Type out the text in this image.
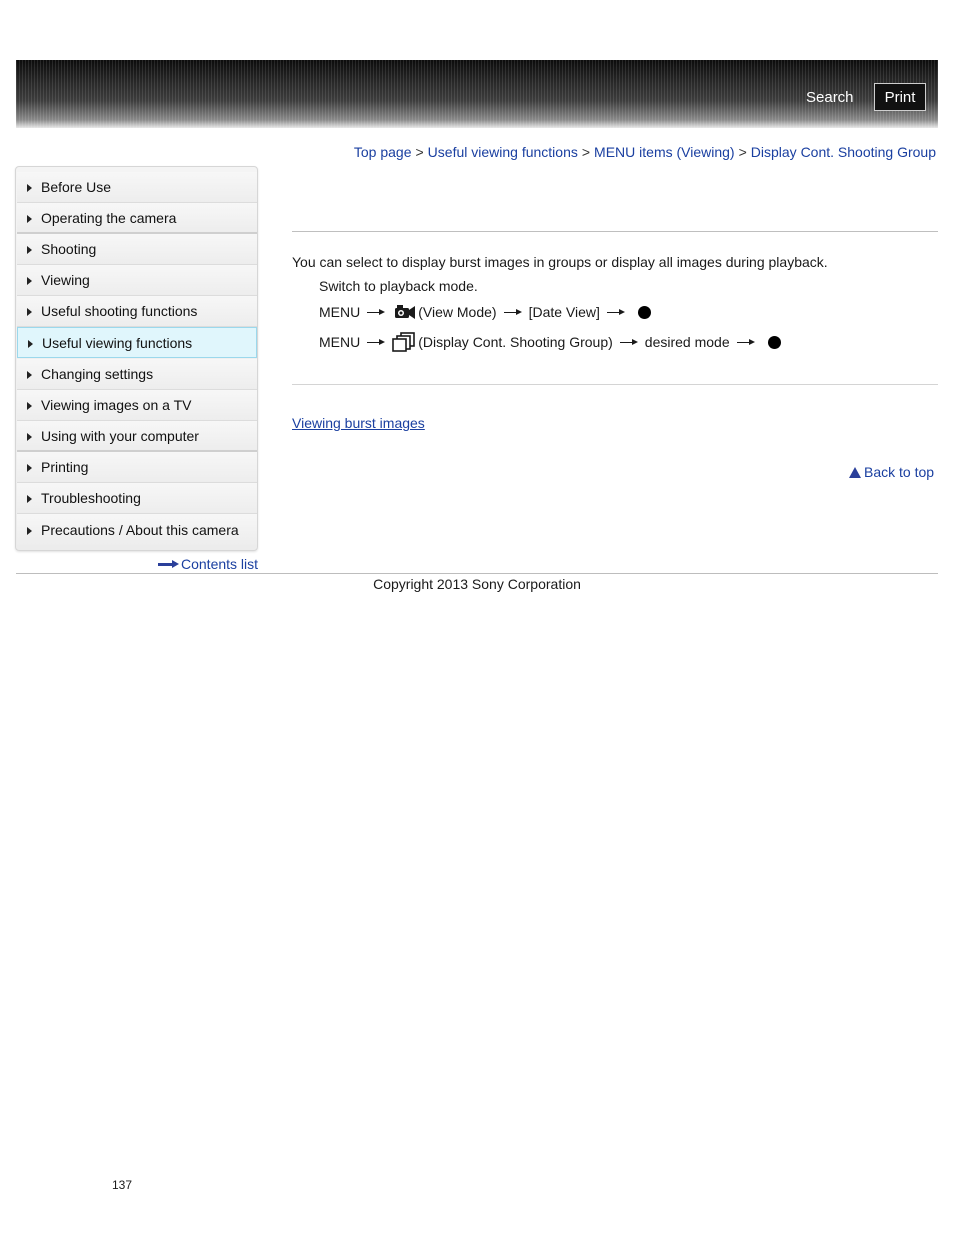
Search	Print
Top page > Useful viewing functions > MENU items (Viewing) > Display Cont. Shooting Group
Before Use
Operating the camera
Shooting
Viewing
Useful shooting functions
Useful viewing functions
Changing settings
Viewing images on a TV
Using with your computer
Printing
Troubleshooting
Precautions / About this camera
Contents list
You can select to display burst images in groups or display all images during playback.
Switch to playback mode.
MENU	(View Mode) [Date View]
MENU	(Display Cont. Shooting Group) desired mode
Viewing burst images
Back to top
Copyright 2013 Sony Corporation
137
